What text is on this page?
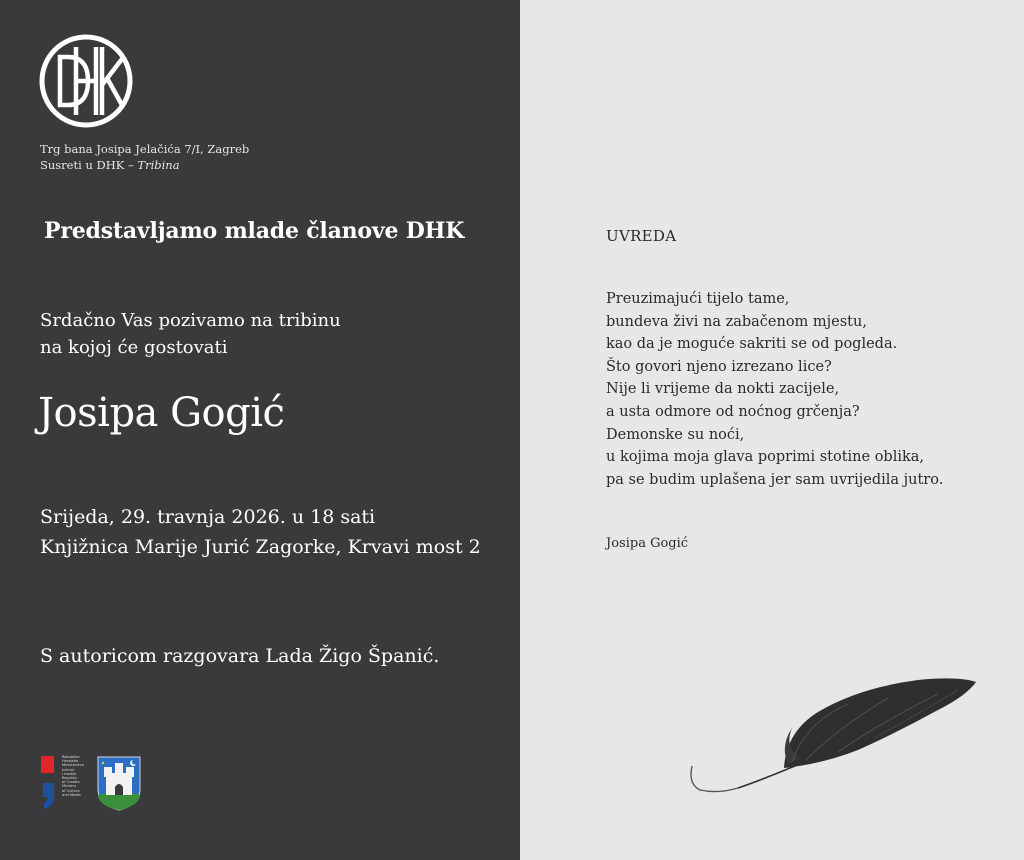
Trg bana Josipa Jelačića 7/I, Zagreb
Susreti u DHK – Tribina
Predstavljamo mlade članove DHK
Srdačno Vas pozivamo na tribinu
na kojoj će gostovati
Josipa Gogić
Srijeda, 29. travnja 2026. u 18 sati
Knjižnica Marije Jurić Zagorke, Krvavi most 2
S autoricom razgovara Lada Žigo Španić.
Republika
Hrvatska
Ministarstvo
kulture
i medija
Republic
of Croatia
Ministry
of Culture
and Media
UVREDA
Preuzimajući tijelo tame,
bundeva živi na zabačenom mjestu,
kao da je moguće sakriti se od pogleda.
Što govori njeno izrezano lice?
Nije li vrijeme da nokti zacijele,
a usta odmore od noćnog grčenja?
Demonske su noći,
u kojima moja glava poprimi stotine oblika,
pa se budim uplašena jer sam uvrijedila jutro.
Josipa Gogić
